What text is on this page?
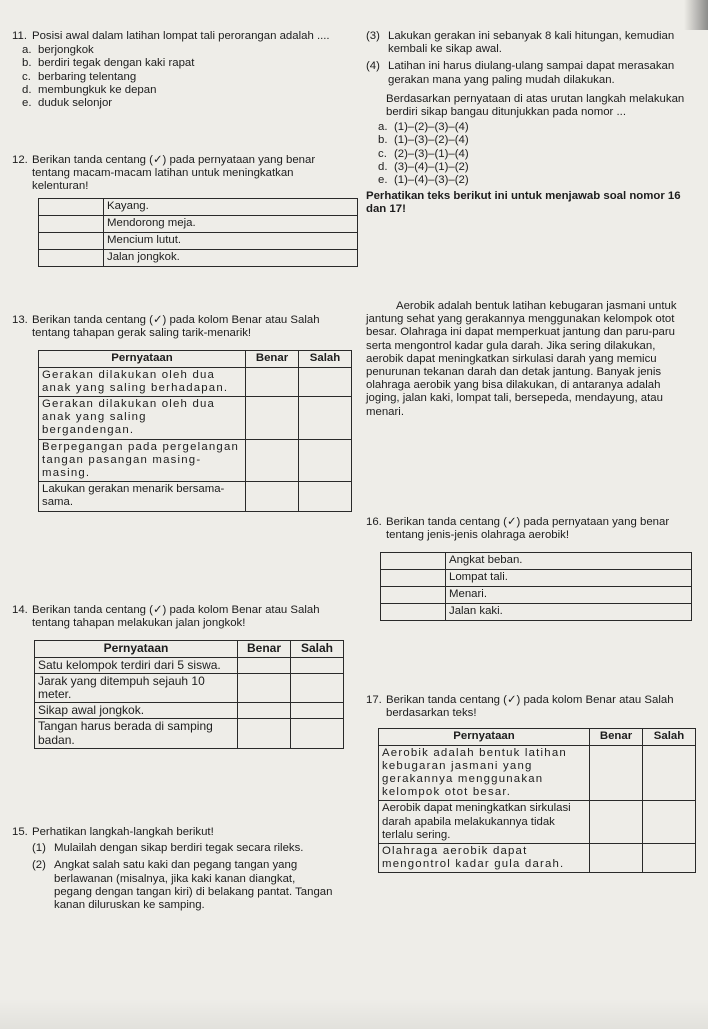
11. Posisi awal dalam latihan lompat tali perorangan adalah ....
a. berjongkok
b. berdiri tegak dengan kaki rapat
c. berbaring telentang
d. membungkuk ke depan
e. duduk selonjor
12. Berikan tanda centang (✓) pada pernyataan yang benar tentang macam-macam latihan untuk meningkatkan kelenturan!
	Kayang.
	Mendorong meja.
	Mencium lutut.
	Jalan jongkok.
13. Berikan tanda centang (✓) pada kolom Benar atau Salah tentang tahapan gerak saling tarik-menarik!
Pernyataan	Benar	Salah
Gerakan dilakukan oleh dua anak yang saling berhadapan.		
Gerakan dilakukan oleh dua anak yang saling bergandengan.		
Berpegangan pada pergelangan tangan pasangan masing-masing.		
Lakukan gerakan menarik bersama-sama.		
14. Berikan tanda centang (✓) pada kolom Benar atau Salah tentang tahapan melakukan jalan jongkok!
Pernyataan	Benar	Salah
Satu kelompok terdiri dari 5 siswa.		
Jarak yang ditempuh sejauh 10 meter.		
Sikap awal jongkok.		
Tangan harus berada di samping badan.		
15. Perhatikan langkah-langkah berikut!
(1) Mulailah dengan sikap berdiri tegak secara rileks.
(2) Angkat salah satu kaki dan pegang tangan yang berlawanan (misalnya, jika kaki kanan diangkat, pegang dengan tangan kiri) di belakang pantat. Tangan kanan diluruskan ke samping.
(3) Lakukan gerakan ini sebanyak 8 kali hitungan, kemudian kembali ke sikap awal.
(4) Latihan ini harus diulang-ulang sampai dapat merasakan gerakan mana yang paling mudah dilakukan.
Berdasarkan pernyataan di atas urutan langkah melakukan berdiri sikap bangau ditunjukkan pada nomor ...
a. (1)–(2)–(3)–(4)
b. (1)–(3)–(2)–(4)
c. (2)–(3)–(1)–(4)
d. (3)–(4)–(1)–(2)
e. (1)–(4)–(3)–(2)
Perhatikan teks berikut ini untuk menjawab soal nomor 16 dan 17!
Aerobik adalah bentuk latihan kebugaran jasmani untuk jantung sehat yang gerakannya menggunakan kelompok otot besar. Olahraga ini dapat memperkuat jantung dan paru-paru serta mengontrol kadar gula darah. Jika sering dilakukan, aerobik dapat meningkatkan sirkulasi darah yang memicu penurunan tekanan darah dan detak jantung. Banyak jenis olahraga aerobik yang bisa dilakukan, di antaranya adalah joging, jalan kaki, lompat tali, bersepeda, mendayung, atau menari.
16. Berikan tanda centang (✓) pada pernyataan yang benar tentang jenis-jenis olahraga aerobik!
	Angkat beban.
	Lompat tali.
	Menari.
	Jalan kaki.
17. Berikan tanda centang (✓) pada kolom Benar atau Salah berdasarkan teks!
Pernyataan	Benar	Salah
Aerobik adalah bentuk latihan kebugaran jasmani yang gerakannya menggunakan kelompok otot besar.		
Aerobik dapat meningkatkan sirkulasi darah apabila melakukannya tidak terlalu sering.		
Olahraga aerobik dapat mengontrol kadar gula darah.		
